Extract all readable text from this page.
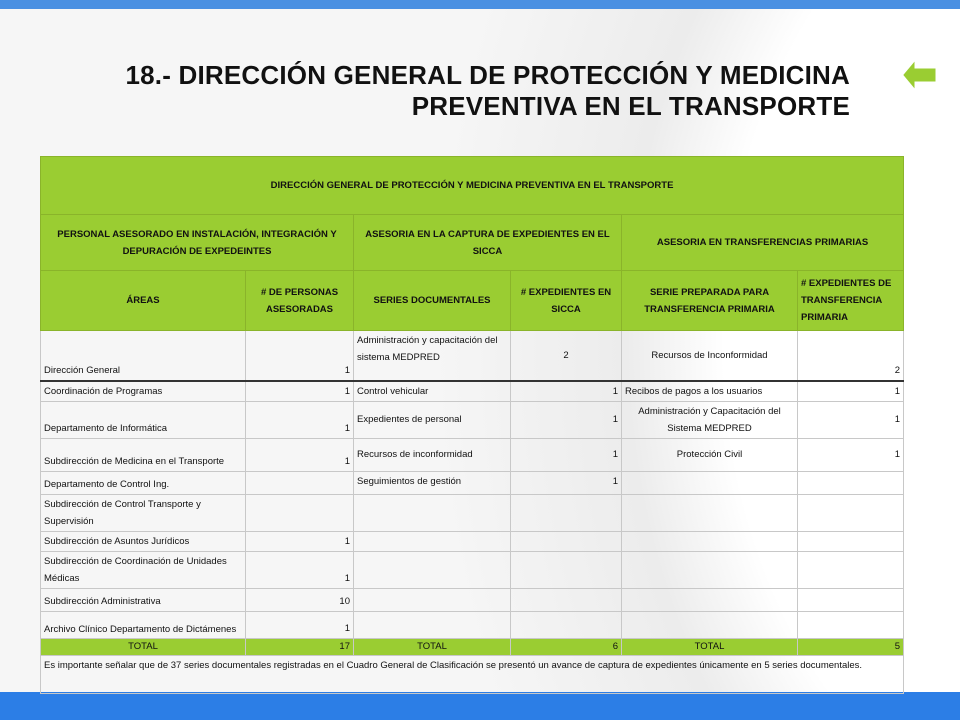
18.- DIRECCIÓN GENERAL DE PROTECCIÓN Y MEDICINA
PREVENTIVA EN EL TRANSPORTE
DIRECCIÓN GENERAL DE PROTECCIÓN Y MEDICINA PREVENTIVA EN EL TRANSPORTE					
PERSONAL ASESORADO EN INSTALACIÓN, INTEGRACIÓN Y DEPURACIÓN DE EXPEDEINTES		ASESORIA EN LA CAPTURA DE EXPEDIENTES EN EL SICCA		ASESORIA EN TRANSFERENCIAS PRIMARIAS	
ÁREAS	# DE PERSONAS ASESORADAS	SERIES DOCUMENTALES	# EXPEDIENTES EN SICCA	SERIE PREPARADA PARA TRANSFERENCIA PRIMARIA	# EXPEDIENTES DE TRANSFERENCIA PRIMARIA
Dirección General	1	Administración y capacitación del sistema MEDPRED	2	Recursos de Inconformidad	2
Coordinación de Programas	1	Control vehicular	1	Recibos de pagos a los usuarios	1
Departamento de Informática	1	Expedientes de personal	1	Administración y Capacitación del Sistema MEDPRED	1
Subdirección de Medicina en el Transporte	1	Recursos de inconformidad	1	Protección Civil	1
Departamento de Control Ing.		Seguimientos de gestión	1		
Subdirección de Control Transporte y Supervisión					
Subdirección de Asuntos Jurídicos	1				
Subdirección de Coordinación de Unidades Médicas	1				
Subdirección Administrativa	10				
Archivo Clínico Departamento de Dictámenes	1				
TOTAL	17	TOTAL	6	TOTAL	5
Es importante señalar que de 37 series documentales registradas en el Cuadro General de Clasificación se presentó un avance de captura de expedientes únicamente en 5 series documentales.					
